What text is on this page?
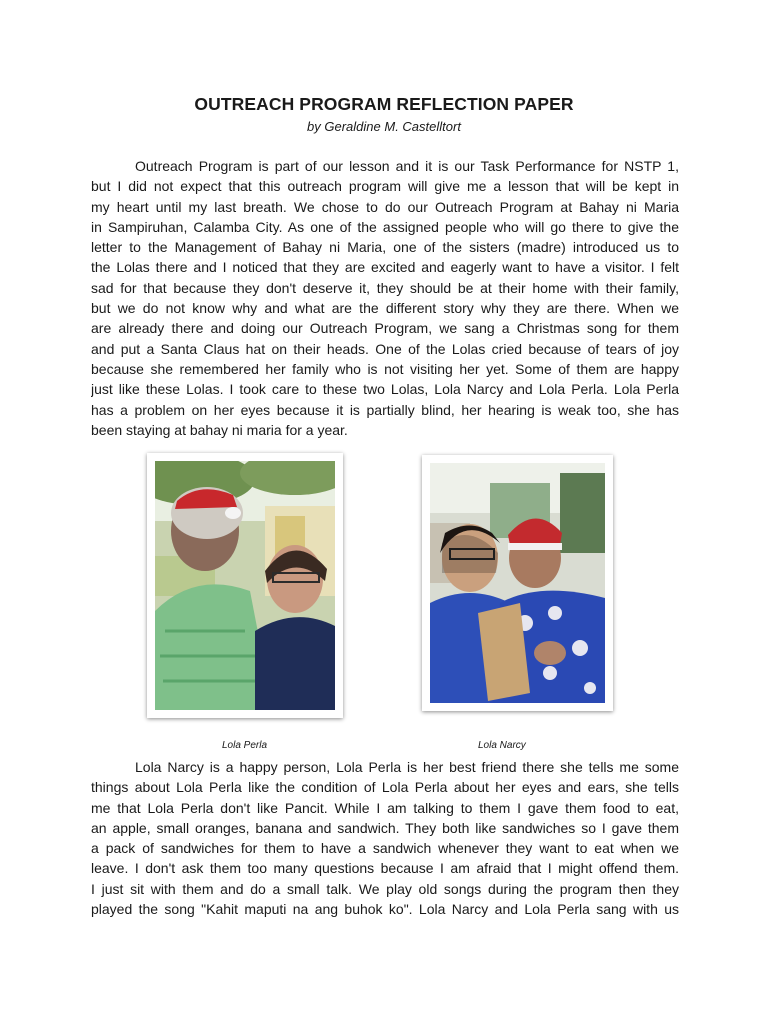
OUTREACH PROGRAM REFLECTION PAPER
by Geraldine M. Castelltort
Outreach Program is part of our lesson and it is our Task Performance for NSTP 1,
but I did not expect that this outreach program will give me a lesson that will be kept in
my heart until my last breath. We chose to do our Outreach Program at Bahay ni Maria
in Sampiruhan, Calamba City. As one of the assigned people who will go there to give the
letter to the Management of Bahay ni Maria, one of the sisters (madre) introduced us to
the Lolas there and I noticed that they are excited and eagerly want to have a visitor. I felt
sad for that because they don't deserve it, they should be at their home with their family,
but we do not know why and what are the different story why they are there. When we
are already there and doing our Outreach Program, we sang a Christmas song for them
and put a Santa Claus hat on their heads. One of the Lolas cried because of tears of joy
because she remembered her family who is not visiting her yet. Some of them are happy
just like these Lolas. I took care to these two Lolas, Lola Narcy and Lola Perla. Lola Perla
has a problem on her eyes because it is partially blind, her hearing is weak too, she has
been staying at bahay ni maria for a year.
Lola Perla	Lola Narcy
Lola Narcy is a happy person, Lola Perla is her best friend there she tells me some
things about Lola Perla like the condition of Lola Perla about her eyes and ears, she tells
me that Lola Perla don't like Pancit. While I am talking to them I gave them food to eat,
an apple, small oranges, banana and sandwich. They both like sandwiches so I gave them
a pack of sandwiches for them to have a sandwich whenever they want to eat when we
leave. I don't ask them too many questions because I am afraid that I might offend them.
I just sit with them and do a small talk. We play old songs during the program then they
played the song "Kahit maputi na ang buhok ko". Lola Narcy and Lola Perla sang with us
